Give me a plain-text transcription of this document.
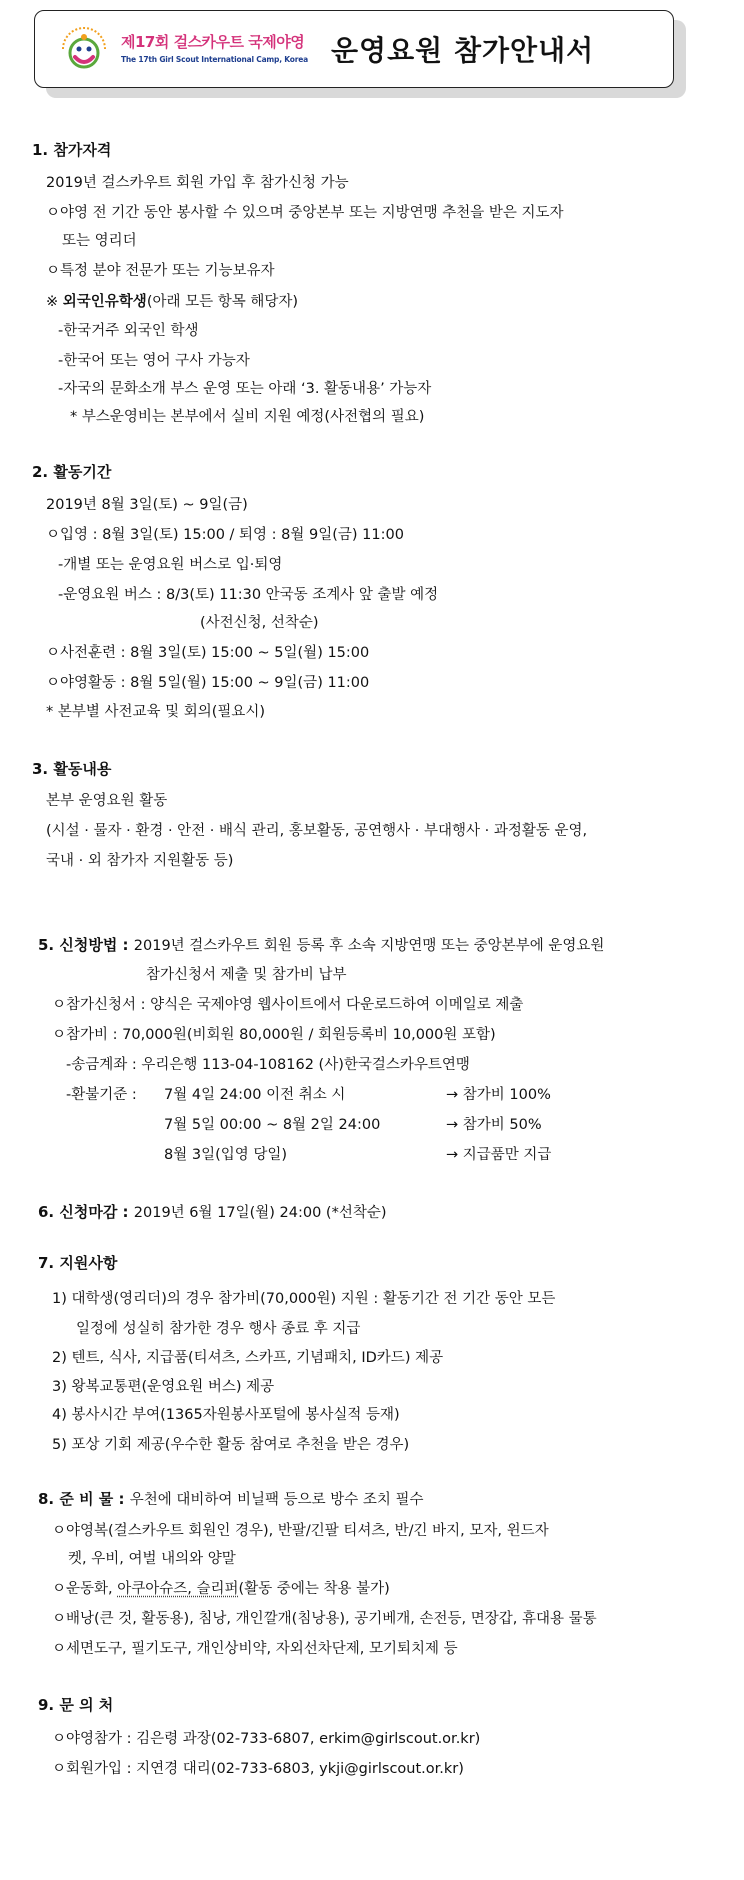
제17회 걸스카우트 국제야영
The 17th Girl Scout International Camp, Korea 운영요원 참가안내서
1. 참가자격
2019년 걸스카우트 회원 가입 후 참가신청 가능
ㅇ야영 전 기간 동안 봉사할 수 있으며 중앙본부 또는 지방연맹 추천을 받은 지도자
또는 영리더
ㅇ특정 분야 전문가 또는 기능보유자
※ 외국인유학생(아래 모든 항목 해당자)
-한국거주 외국인 학생
-한국어 또는 영어 구사 가능자
-자국의 문화소개 부스 운영 또는 아래 ‘3. 활동내용’ 가능자
* 부스운영비는 본부에서 실비 지원 예정(사전협의 필요)
2. 활동기간
2019년 8월 3일(토) ~ 9일(금)
ㅇ입영 : 8월 3일(토) 15:00 / 퇴영 : 8월 9일(금) 11:00
-개별 또는 운영요원 버스로 입·퇴영
-운영요원 버스 : 8/3(토) 11:30 안국동 조계사 앞 출발 예정
(사전신청, 선착순)
ㅇ사전훈련 : 8월 3일(토) 15:00 ~ 5일(월) 15:00
ㅇ야영활동 : 8월 5일(월) 15:00 ~ 9일(금) 11:00
* 본부별 사전교육 및 회의(필요시)
3. 활동내용
본부 운영요원 활동
(시설 · 물자 · 환경 · 안전 · 배식 관리, 홍보활동, 공연행사 · 부대행사 · 과정활동 운영,
국내 · 외 참가자 지원활동 등)
5. 신청방법 : 2019년 걸스카우트 회원 등록 후 소속 지방연맹 또는 중앙본부에 운영요원
참가신청서 제출 및 참가비 납부
ㅇ참가신청서 : 양식은 국제야영 웹사이트에서 다운로드하여 이메일로 제출
ㅇ참가비 : 70,000원(비회원 80,000원 / 회원등록비 10,000원 포함)
-송금계좌 : 우리은행 113-04-108162 (사)한국걸스카우트연맹
-환불기준 : 7월 4일 24:00 이전 취소 시	→ 참가비 100%
7월 5일 00:00 ~ 8월 2일 24:00	→ 참가비 50%
8월 3일(입영 당일)	→ 지급품만 지급
6. 신청마감 : 2019년 6월 17일(월) 24:00 (*선착순)
7. 지원사항
1) 대학생(영리더)의 경우 참가비(70,000원) 지원 : 활동기간 전 기간 동안 모든
일정에 성실히 참가한 경우 행사 종료 후 지급
2) 텐트, 식사, 지급품(티셔츠, 스카프, 기념패치, ID카드) 제공
3) 왕복교통편(운영요원 버스) 제공
4) 봉사시간 부여(1365자원봉사포털에 봉사실적 등재)
5) 포상 기회 제공(우수한 활동 참여로 추천을 받은 경우)
8. 준 비 물 : 우천에 대비하여 비닐팩 등으로 방수 조치 필수
ㅇ야영복(걸스카우트 회원인 경우), 반팔/긴팔 티셔츠, 반/긴 바지, 모자, 윈드자
켓, 우비, 여벌 내의와 양말
ㅇ운동화, 아쿠아슈즈, 슬리퍼(활동 중에는 착용 불가)
ㅇ배낭(큰 것, 활동용), 침낭, 개인깔개(침낭용), 공기베개, 손전등, 면장갑, 휴대용 물통
ㅇ세면도구, 필기도구, 개인상비약, 자외선차단제, 모기퇴치제 등
9. 문 의 처
ㅇ야영참가 : 김은령 과장(02-733-6807, erkim@girlscout.or.kr)
ㅇ회원가입 : 지연경 대리(02-733-6803, ykji@girlscout.or.kr)
